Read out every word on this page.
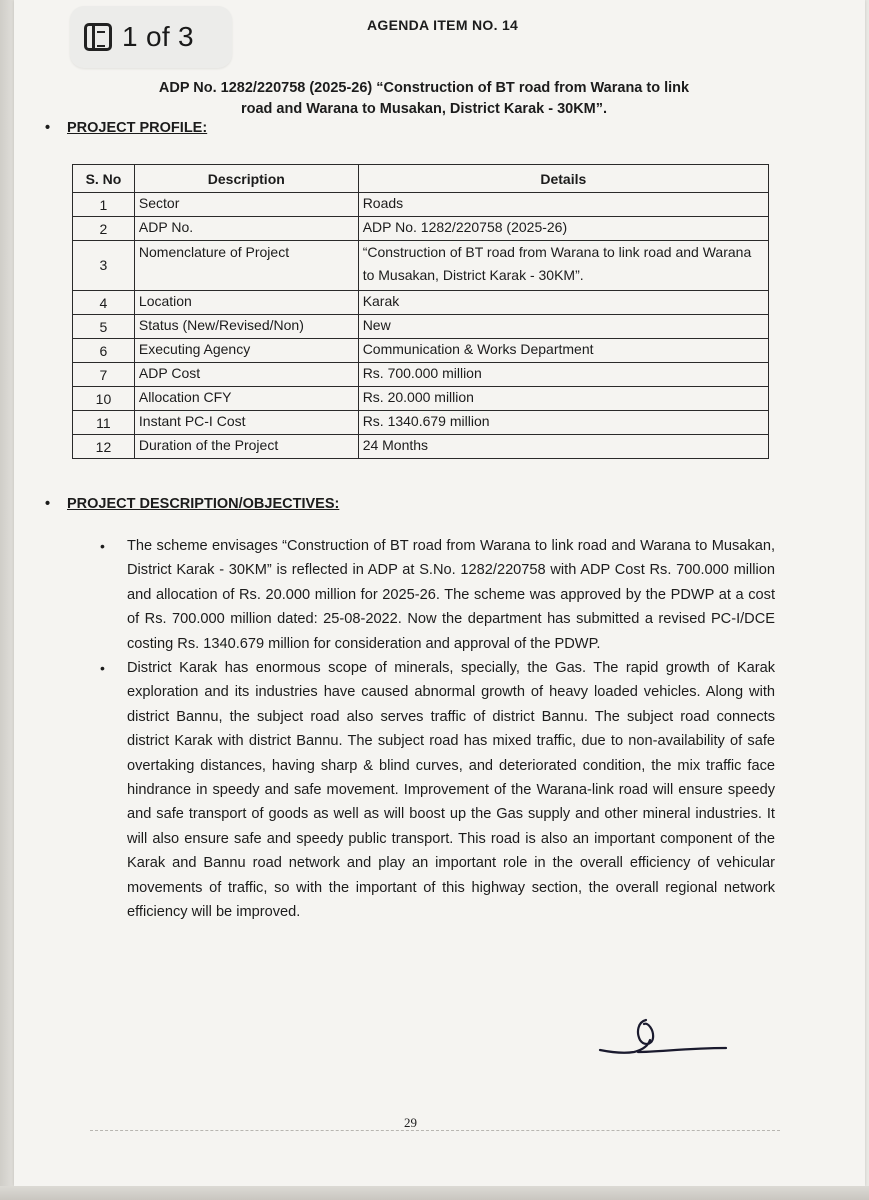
1 of 3	AGENDA ITEM NO. 14
ADP No. 1282/220758 (2025-26) “Construction of BT road from Warana to link
road and Warana to Musakan, District Karak - 30KM”.
• PROJECT PROFILE:
S. No	Description	Details
1	Sector	Roads
2	ADP No.	ADP No. 1282/220758 (2025-26)
3	Nomenclature of Project	“Construction of BT road from Warana to link road and Warana to Musakan, District Karak - 30KM”.
4	Location	Karak
5	Status (New/Revised/Non)	New
6	Executing Agency	Communication & Works Department
7	ADP Cost	Rs. 700.000 million
10	Allocation CFY	Rs. 20.000 million
11	Instant PC-I Cost	Rs. 1340.679 million
12	Duration of the Project	24 Months
• PROJECT DESCRIPTION/OBJECTIVES:

• The scheme envisages “Construction of BT road from Warana to link road and Warana to Musakan, District Karak - 30KM” is reflected in ADP at S.No. 1282/220758 with ADP Cost Rs. 700.000 million and allocation of Rs. 20.000 million for 2025-26. The scheme was approved by the PDWP at a cost of Rs. 700.000 million dated: 25-08-2022. Now the department has submitted a revised PC-I/DCE costing Rs. 1340.679 million for consideration and approval of the PDWP.

• District Karak has enormous scope of minerals, specially, the Gas. The rapid growth of Karak exploration and its industries have caused abnormal growth of heavy loaded vehicles. Along with district Bannu, the subject road also serves traffic of district Bannu. The subject road connects district Karak with district Bannu. The subject road has mixed traffic, due to non-availability of safe overtaking distances, having sharp & blind curves, and deteriorated condition, the mix traffic face hindrance in speedy and safe movement. Improvement of the Warana-link road will ensure speedy and safe transport of goods as well as will boost up the Gas supply and other mineral industries. It will also ensure safe and speedy public transport. This road is also an important component of the Karak and Bannu road network and play an important role in the overall efficiency of vehicular movements of traffic, so with the important of this highway section, the overall regional network efficiency will be improved.

29
